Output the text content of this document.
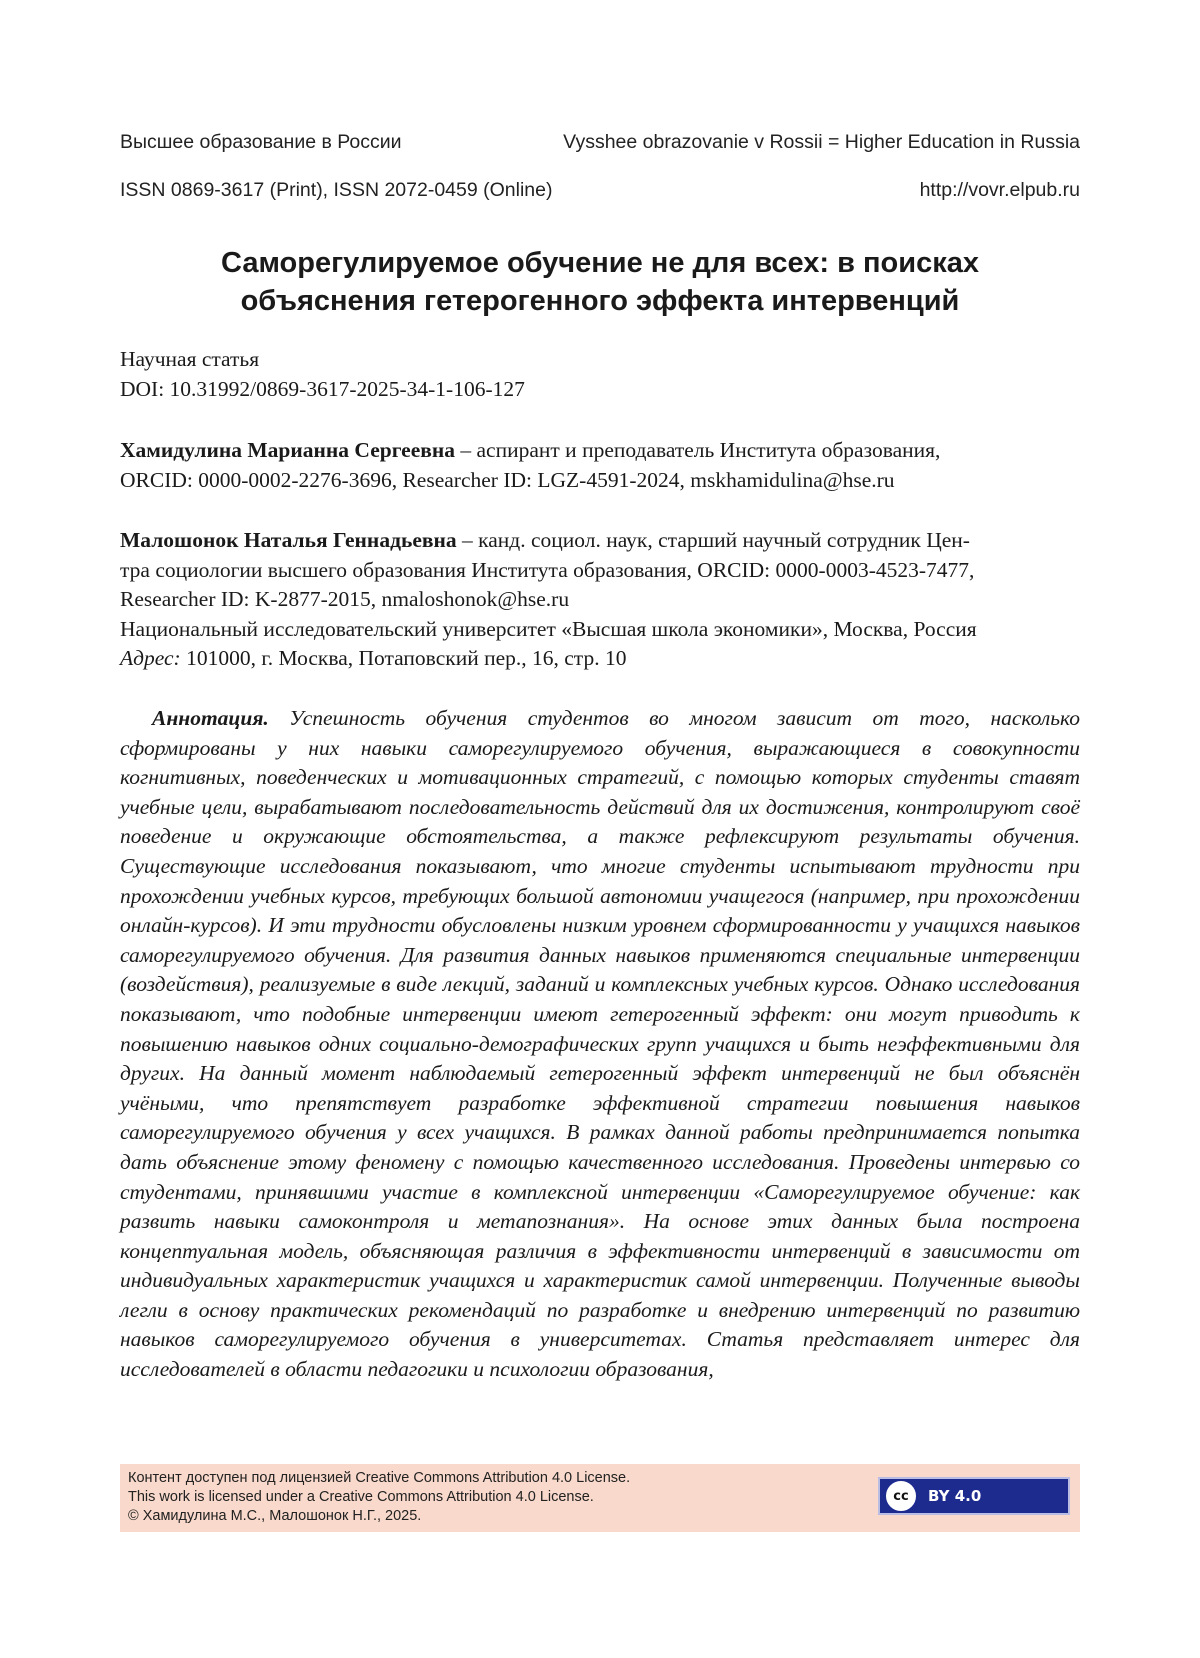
Высшее образование в России	Vysshee obrazovanie v Rossii = Higher Education in Russia
ISSN 0869-3617 (Print), ISSN 2072-0459 (Online)	http://vovr.elpub.ru
Саморегулируемое обучение не для всех: в поисках
объяснения гетерогенного эффекта интервенций
Научная статья
DOI: 10.31992/0869-3617-2025-34-1-106-127
Хамидулина Марианна Сергеевна – аспирант и преподаватель Института образования,
ORCID: 0000-0002-2276-3696, Researcher ID: LGZ-4591-2024, mskhamidulina@hse.ru
Малошонок Наталья Геннадьевна – канд. социол. наук, старший научный сотрудник Цен-
тра социологии высшего образования Института образования, ORCID: 0000-0003-4523-7477,
Researcher ID: K-2877-2015, nmaloshonok@hse.ru
Национальный исследовательский университет «Высшая школа экономики», Москва, Россия
Адрес: 101000, г. Москва, Потаповский пер., 16, стр. 10
Аннотация. Успешность обучения студентов во многом зависит от того, насколько сформированы у них навыки саморегулируемого обучения, выражающиеся в совокупности когнитивных, поведенческих и мотивационных стратегий, с помощью которых студенты ставят учебные цели, вырабатывают последовательность действий для их достижения, контролируют своё поведение и окружающие обстоятельства, а также рефлексируют результаты обучения. Существующие исследования показывают, что многие студенты испытывают трудности при прохождении учебных курсов, требующих большой автономии учащегося (например, при прохождении онлайн-курсов). И эти трудности обусловлены низким уровнем сформированности у учащихся навыков саморегулируемого обучения. Для развития данных навыков применяются специальные интервенции (воздействия), реализуемые в виде лекций, заданий и комплексных учебных курсов. Однако исследования показывают, что подобные интервенции имеют гетерогенный эффект: они могут приводить к повышению навыков одних социально-демографических групп учащихся и быть неэффективными для других. На данный момент наблюдаемый гетерогенный эффект интервенций не был объяснён учёными, что препятствует разработке эффективной стратегии повышения навыков саморегулируемого обучения у всех учащихся. В рамках данной работы предпринимается попытка дать объяснение этому феномену с помощью качественного исследования. Проведены интервью со студентами, принявшими участие в комплексной интервенции «Саморегулируемое обучение: как развить навыки самоконтроля и метапознания». На основе этих данных была построена концептуальная модель, объясняющая различия в эффективности интервенций в зависимости от индивидуальных характеристик учащихся и характеристик самой интервенции. Полученные выводы легли в основу практических рекомендаций по разработке и внедрению интервенций по развитию навыков саморегулируемого обучения в университетах. Статья представляет интерес для исследователей в области педагогики и психологии образования,
Контент доступен под лицензией Creative Commons Attribution 4.0 License.
This work is licensed under a Creative Commons Attribution 4.0 License.
© Хамидулина М.С., Малошонок Н.Г., 2025.
cc	BY 4.0
